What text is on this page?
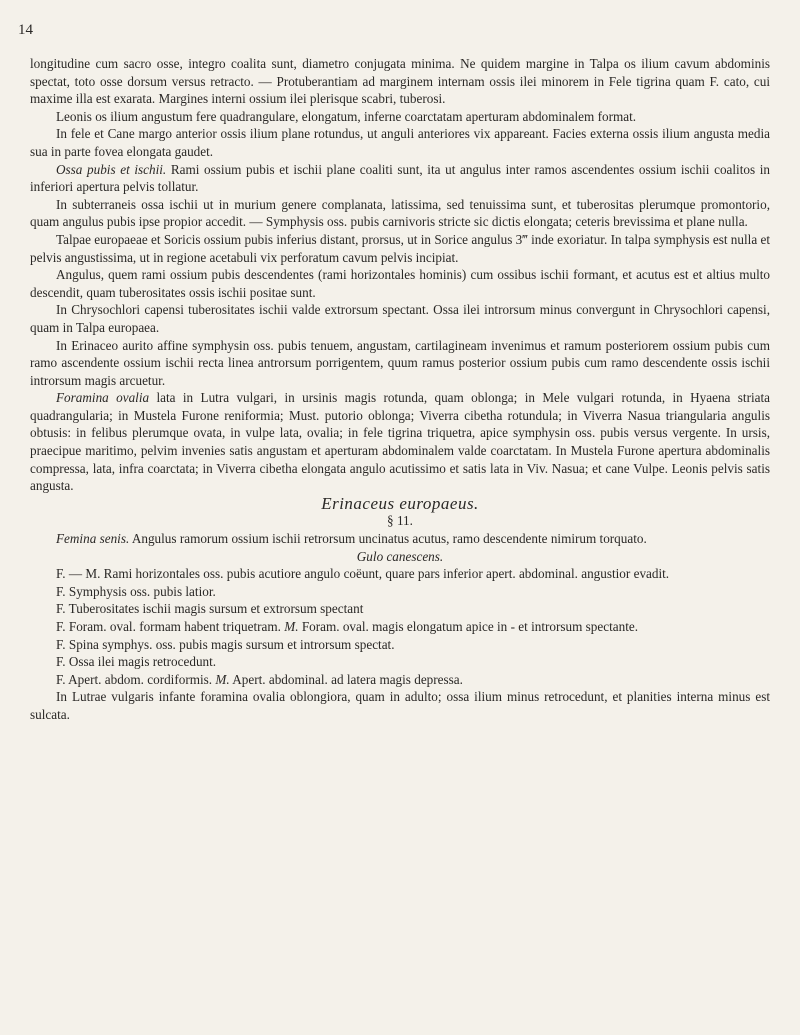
14

longitudine cum sacro osse, integro coalita sunt, diametro conjugata minima. Ne quidem margine in Talpa os ilium cavum abdominis spectat, toto osse dorsum versus retracto. — Protuberantiam ad marginem internam ossis ilei minorem in Fele tigrina quam F. cato, cui maxime illa est exarata. Margines interni ossium ilei plerisque scabri, tuberosi.

Leonis os ilium angustum fere quadrangulare, elongatum, inferne coarctatam aperturam abdominalem format.

In fele et Cane margo anterior ossis ilium plane rotundus, ut anguli anteriores vix appareant. Facies externa ossis ilium angusta media sua in parte fovea elongata gaudet.

Ossa pubis et ischii. Rami ossium pubis et ischii plane coaliti sunt, ita ut angulus inter ramos ascendentes ossium ischii coalitos in inferiori apertura pelvis tollatur.

In subterraneis ossa ischii ut in murium genere complanata, latissima, sed tenuissima sunt, et tuberositas plerumque promontorio, quam angulus pubis ipse propior accedit. — Symphysis oss. pubis carnivoris stricte sic dictis elongata; ceteris brevissima et plane nulla.

Talpae europaeae et Soricis ossium pubis inferius distant, prorsus, ut in Sorice angulus 3‴ inde exoriatur. In talpa symphysis est nulla et pelvis angustissima, ut in regione acetabuli vix perforatum cavum pelvis incipiat.

Angulus, quem rami ossium pubis descendentes (rami horizontales hominis) cum ossibus ischii formant, et acutus est et altius multo descendit, quam tuberositates ossis ischii positae sunt.

In Chrysochlori capensi tuberositates ischii valde extrorsum spectant. Ossa ilei introrsum minus convergunt in Chrysochlori capensi, quam in Talpa europaea.

In Erinaceo aurito affine symphysin oss. pubis tenuem, angustam, cartilagineam invenimus et ramum posteriorem ossium pubis cum ramo ascendente ossium ischii recta linea antrorsum porrigentem, quum ramus posterior ossium pubis cum ramo descendente ossis ischii introrsum magis arcuetur.

Foramina ovalia lata in Lutra vulgari, in ursinis magis rotunda, quam oblonga; in Mele vulgari rotunda, in Hyaena striata quadrangularia; in Mustela Furone reniformia; Must. putorio oblonga; Viverra cibetha rotundula; in Viverra Nasua triangularia angulis obtusis: in felibus plerumque ovata, in vulpe lata, ovalia; in fele tigrina triquetra, apice symphysin oss. pubis versus vergente. In ursis, praecipue maritimo, pelvim invenies satis angustam et aperturam abdominalem valde coarctatam. In Mustela Furone apertura abdominalis compressa, lata, infra coarctata; in Viverra cibetha elongata angulo acutissimo et satis lata in Viv. Nasua; et cane Vulpe. Leonis pelvis satis angusta.

Erinaceus europaeus.

§ 11.

Femina senis. Angulus ramorum ossium ischii retrorsum uncinatus acutus, ramo descendente nimirum torquato.

Gulo canescens.

F. — M. Rami horizontales oss. pubis acutiore angulo coëunt, quare pars inferior apert. abdominal. angustior evadit.

F. Symphysis oss. pubis latior.

F. Tuberositates ischii magis sursum et extrorsum spectant

F. Foram. oval. formam habent triquetram. M. Foram. oval. magis elongatum apice in - et introrsum spectante.

F. Spina symphys. oss. pubis magis sursum et introrsum spectat.

F. Ossa ilei magis retrocedunt.

F. Apert. abdom. cordiformis. M. Apert. abdominal. ad latera magis depressa.

In Lutrae vulgaris infante foramina ovalia oblongiora, quam in adulto; ossa ilium minus retrocedunt, et planities interna minus est sulcata.
